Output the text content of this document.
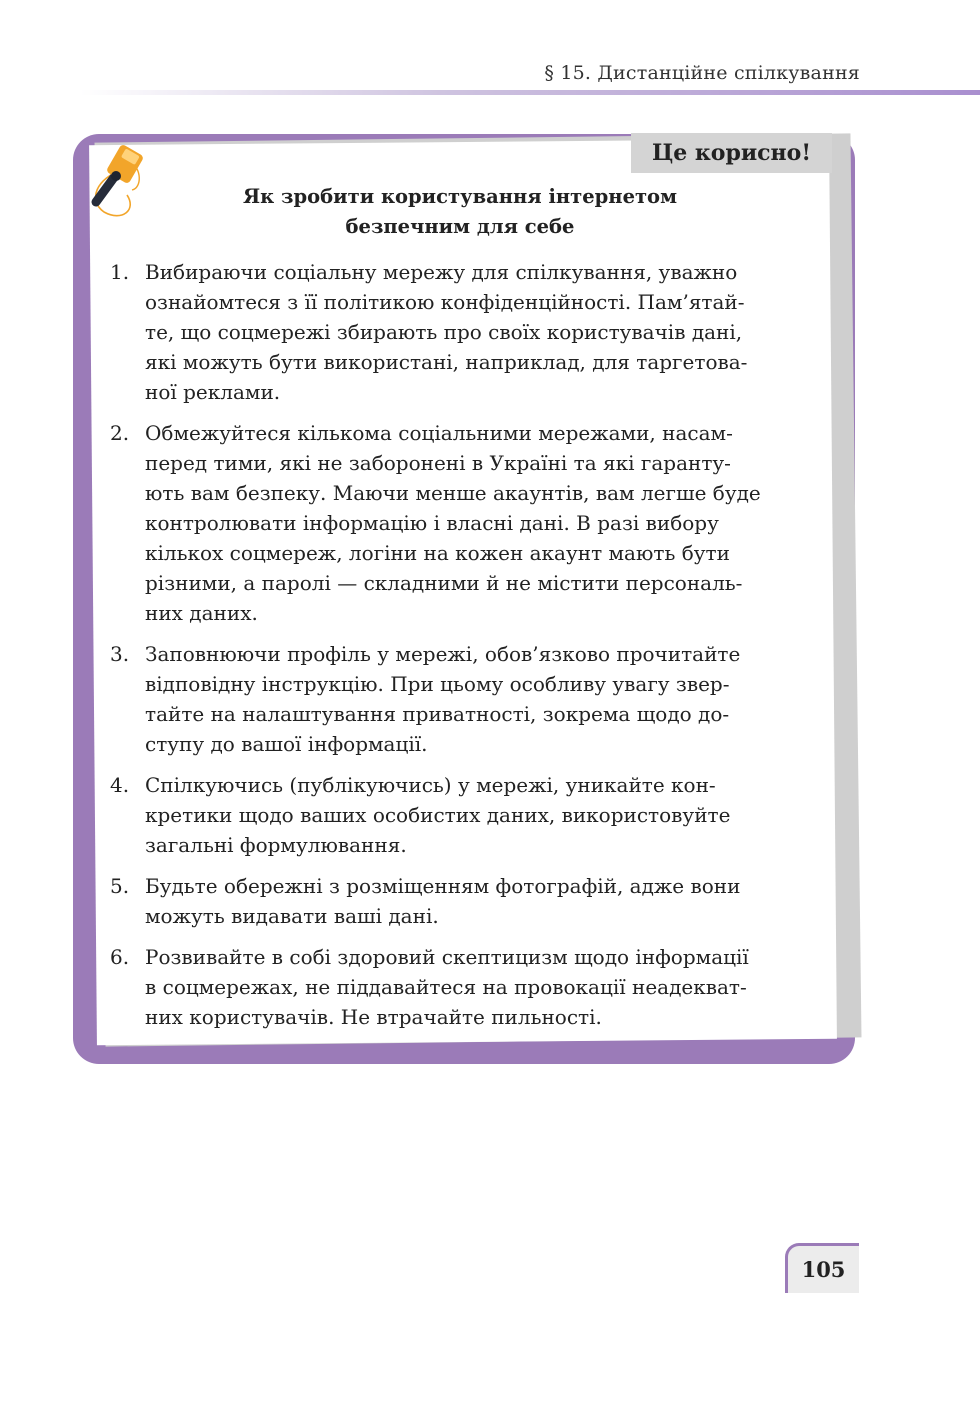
§ 15. Дистанційне спілкування
Це корисно!
Як зробити користування інтернетом
безпечним для себе
1. Вибираючи соціальну мережу для спілкування, уважно
ознайомтеся з її політикою конфіденційності. Пам’ятай-
те, що соцмережі збирають про своїх користувачів дані,
які можуть бути використані, наприклад, для таргетова-
ної реклами.
2. Обмежуйтеся кількома соціальними мережами, насам-
перед тими, які не заборонені в Україні та які гаранту-
ють вам безпеку. Маючи менше акаунтів, вам легше буде
контролювати інформацію і власні дані. В разі вибору
кількох соцмереж, логіни на кожен акаунт мають бути
різними, а паролі — складними й не містити персональ-
них даних.
3. Заповнюючи профіль у мережі, обов’язково прочитайте
відповідну інструкцію. При цьому особливу увагу звер-
тайте на налаштування приватності, зокрема щодо до-
ступу до вашої інформації.
4. Спілкуючись (публікуючись) у мережі, уникайте кон-
кретики щодо ваших особистих даних, використовуйте
загальні формулювання.
5. Будьте обережні з розміщенням фотографій, адже вони
можуть видавати ваші дані.
6. Розвивайте в собі здоровий скептицизм щодо інформації
в соцмережах, не піддавайтеся на провокації неадекват-
них користувачів. Не втрачайте пильності.
105
